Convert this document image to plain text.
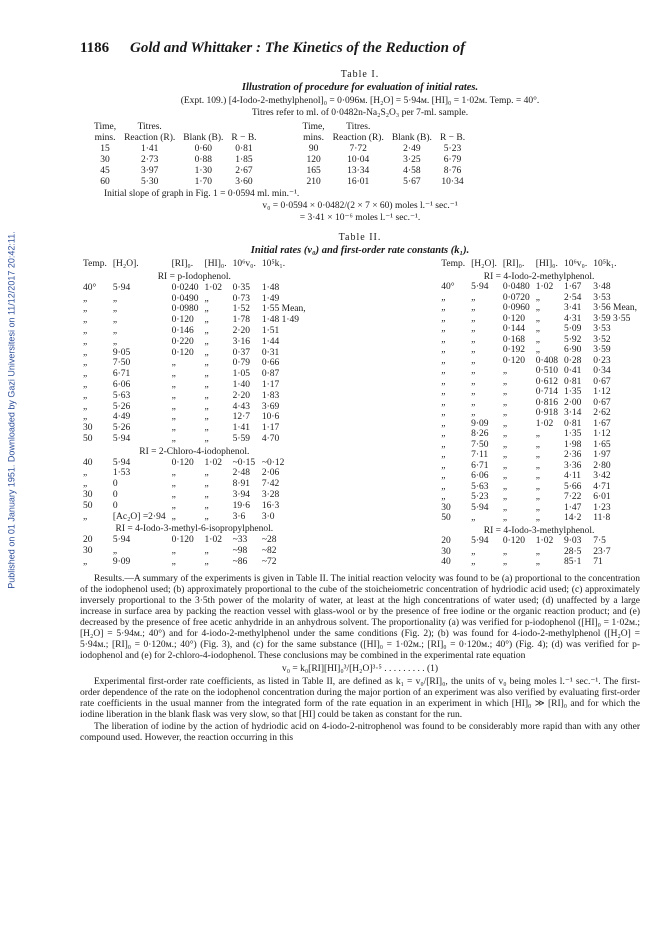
Published on 01 January 1951. Downloaded by Gazi Universitesi on 11/12/2017 20:42:11.
1186	Gold and Whittaker : The Kinetics of the Reduction of
Table I.
Illustration of procedure for evaluation of initial rates.
(Expt. 109.) [4-Iodo-2-methylphenol]₀ = 0·096м. [H₂O] = 5·94м. [HI]₀ = 1·02м. Temp. = 40°.
Titres refer to ml. of 0·0482n-Na₂S₂O₃ per 7-ml. sample.
Time,	Titres.				Time,	Titres.		
mins.	Reaction (R).	Blank (B).	R − B.		mins.	Reaction (R).	Blank (B).	R − B.
15	1·41	0·60	0·81		90	7·72	2·49	5·23
30	2·73	0·88	1·85		120	10·04	3·25	6·79
45	3·97	1·30	2·67		165	13·34	4·58	8·76
60	5·30	1·70	3·60		210	16·01	5·67	10·34
Initial slope of graph in Fig. 1 = 0·0594 ml. min.⁻¹.
v₀ = 0·0594 × 0·0482/(2 × 7 × 60) moles l.⁻¹ sec.⁻¹
= 3·41 × 10⁻⁶ moles l.⁻¹ sec.⁻¹.
Table II.
Initial rates (v₀) and first-order rate constants (k₁).
Temp.	[H₂O].	[RI]₀.	[HI]₀.	10⁶v₀.	10⁵k₁.
RI = p-Iodophenol.					
40°	5·94	0·0240	1·02	0·35	1·48
„	„	0·0490	„	0·73	1·49
„	„	0·0980	„	1·52	1·55 Mean,
„	„	0·120	„	1·78	1·48 1·49
„	„	0·146	„	2·20	1·51
„	„	0·220	„	3·16	1·44
„	9·05	0·120	„	0·37	0·31
„	7·50	„	„	0·79	0·66
„	6·71	„	„	1·05	0·87
„	6·06	„	„	1·40	1·17
„	5·63	„	„	2·20	1·83
„	5·26	„	„	4·43	3·69
„	4·49	„	„	12·7	10·6
30	5·26	„	„	1·41	1·17
50	5·94	„	„	5·59	4·70
RI = 2-Chloro-4-iodophenol.					
40	5·94	0·120	1·02	~0·15	~0·12
„	1·53	„	„	2·48	2·06
„	0	„	„	8·91	7·42
30	0	„	„	3·94	3·28
50	0	„	„	19·6	16·3
„	[Ac₂O] =2·94	„	„	3·6	3·0
RI = 4-Iodo-3-methyl-6-isopropylphenol.					
20	5·94	0·120	1·02	~33	~28
30	„	„	„	~98	~82
„	9·09	„	„	~86	~72
Temp.	[H₂O].	[RI]₀.	[HI]₀.	10⁶v₀.	10⁵k₁.
RI = 4-Iodo-2-methylphenol.					
40°	5·94	0·0480	1·02	1·67	3·48
„	„	0·0720	„	2·54	3·53
„	„	0·0960	„	3·41	3·56 Mean,
„	„	0·120	„	4·31	3·59 3·55
„	„	0·144	„	5·09	3·53
„	„	0·168	„	5·92	3·52
„	„	0·192	„	6·90	3·59
„	„	0·120	0·408	0·28	0·23
„	„	„	0·510	0·41	0·34
„	„	„	0·612	0·81	0·67
„	„	„	0·714	1·35	1·12
„	„	„	0·816	2·00	0·67
„	„	„	0·918	3·14	2·62
„	9·09	„	1·02	0·81	1·67
„	8·26	„	„	1·35	1·12
„	7·50	„	„	1·98	1·65
„	7·11	„	„	2·36	1·97
„	6·71	„	„	3·36	2·80
„	6·06	„	„	4·11	3·42
„	5·63	„	„	5·66	4·71
„	5·23	„	„	7·22	6·01
30	5·94	„	„	1·47	1·23
50	„	„	„	14·2	11·8
RI = 4-Iodo-3-methylphenol.					
20	5·94	0·120	1·02	9·03	7·5
30	„	„	„	28·5	23·7
40	„	„	„	85·1	71

Results.—A summary of the experiments is given in Table II. The initial reaction velocity was found to be (a) proportional to the concentration of the iodophenol used; (b) approximately proportional to the cube of the stoicheiometric concentration of hydriodic acid used; (c) approximately inversely proportional to the 3·5th power of the molarity of water, at least at the high concentrations of water used; (d) unaffected by a large increase in surface area by packing the reaction vessel with glass-wool or by the presence of free iodine or the organic reaction product; and (e) decreased by the presence of free acetic anhydride in an anhydrous solvent. The proportionality (a) was verified for p-iodophenol ([HI]₀ = 1·02м.; [H₂O] = 5·94м.; 40°) and for 4-iodo-2-methylphenol under the same conditions (Fig. 2); (b) was found for 4-iodo-2-methylphenol ([H₂O] = 5·94м.; [RI]₀ = 0·120м.; 40°) (Fig. 3), and (c) for the same substance ([HI]₀ = 1·02м.; [RI]₀ = 0·120м.; 40°) (Fig. 4); (d) was verified for p-iodophenol and (e) for 2-chloro-4-iodophenol. These conclusions may be combined in the experimental rate equation

v₀ = k₀[RI][HI]₀³/[H₂O]³·⁵ . . . . . . . . . (1)

Experimental first-order rate coefficients, as listed in Table II, are defined as k₁ = v₀/[RI]₀, the units of v₀ being moles l.⁻¹ sec.⁻¹. The first-order dependence of the rate on the iodophenol concentration during the major portion of an experiment was also verified by evaluating first-order rate coefficients in the usual manner from the integrated form of the rate equation in an experiment in which [HI]₀ ≫ [RI]₀ and for which the iodine liberation in the blank flask was very slow, so that [HI] could be taken as constant for the run.

The liberation of iodine by the action of hydriodic acid on 4-iodo-2-nitrophenol was found to be considerably more rapid than with any other compound used. However, the reaction occurring in this
